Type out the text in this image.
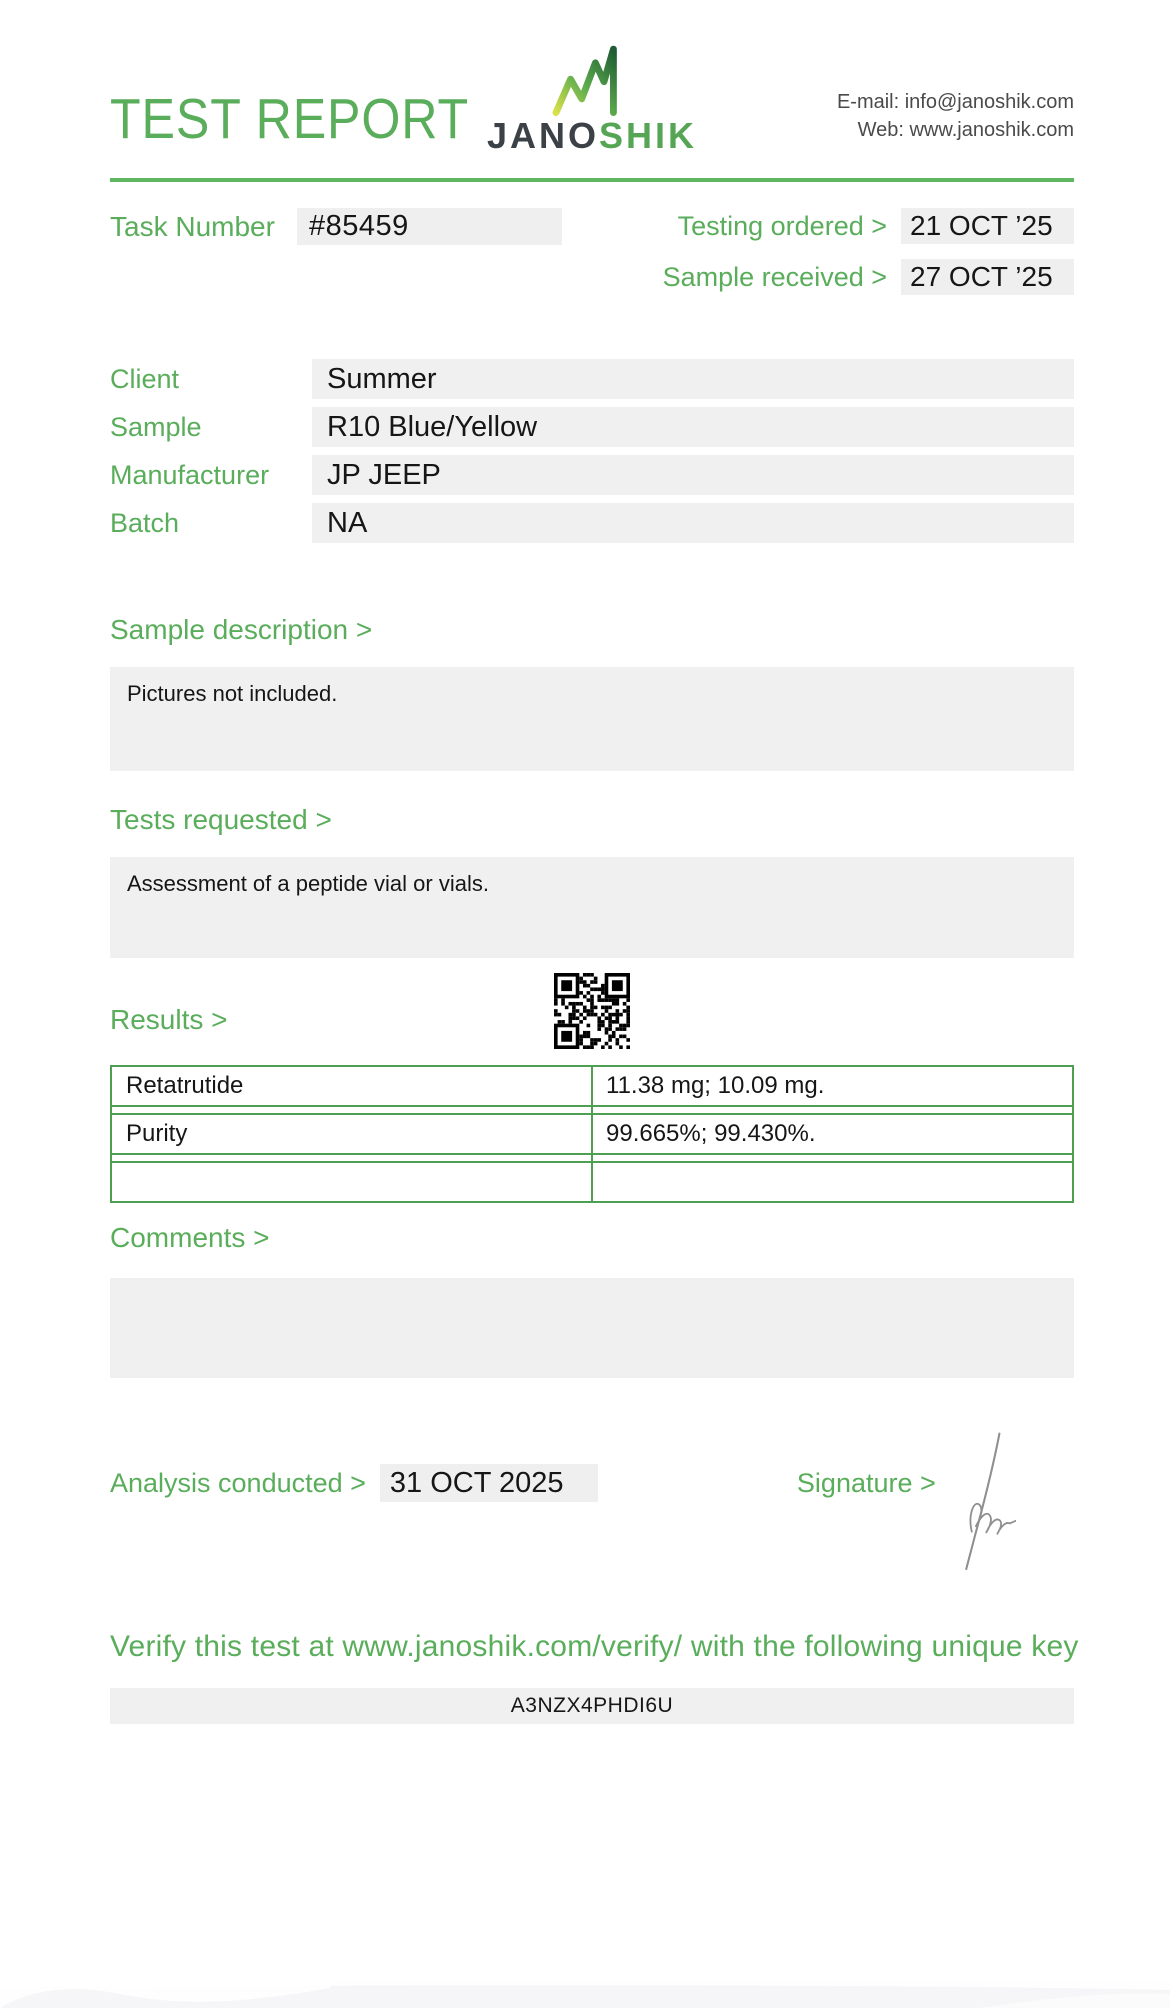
TEST REPORT JANOSHIK
E-mail: info@janoshik.com
Web: www.janoshik.com
Task Number	#85459	Testing ordered > 21 OCT ’25
Sample received > 27 OCT ’25
Client	Summer
Sample	R10 Blue/Yellow
Manufacturer	JP JEEP
Batch	NA
Sample description >
Pictures not included.
Tests requested >
Assessment of a peptide vial or vials.
Results >
Retatrutide	11.38 mg; 10.09 mg.
Purity	99.665%; 99.430%.
Comments >
Analysis conducted > 31 OCT 2025	Signature >
Verify this test at www.janoshik.com/verify/ with the following unique key
A3NZX4PHDI6U
